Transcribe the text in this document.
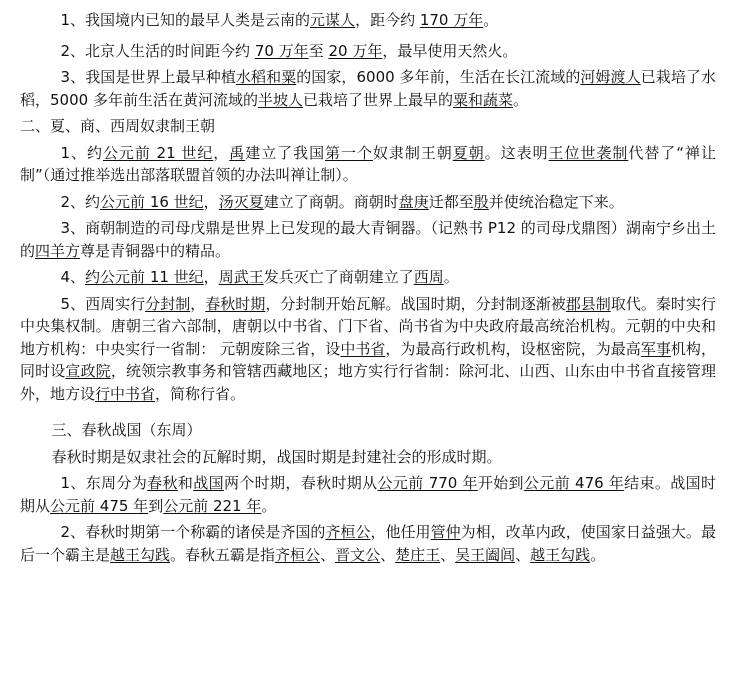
1、我国境内已知的最早人类是云南的元谋人，距今约 170 万年。

2、北京人生活的时间距今约 70 万年至 20 万年，最早使用天然火。

3、我国是世界上最早种植水稻和粟的国家，6000 多年前，生活在长江流域的河姆渡人已栽培了水稻，5000 多年前生活在黄河流域的半坡人已栽培了世界上最早的粟和蔬菜。

二、夏、商、西周奴隶制王朝

1、约公元前 21 世纪，禹建立了我国第一个奴隶制王朝夏朝。这表明王位世袭制代替了“禅让制”（通过推举选出部落联盟首领的办法叫禅让制）。

2、约公元前 16 世纪，汤灭夏建立了商朝。商朝时盘庚迁都至殷并使统治稳定下来。

3、商朝制造的司母戊鼎是世界上已发现的最大青铜器。（记熟书 P12 的司母戊鼎图）湖南宁乡出土的四羊方尊是青铜器中的精品。

4、约公元前 11 世纪，周武王发兵灭亡了商朝建立了西周。

5、西周实行分封制，春秋时期，分封制开始瓦解。战国时期，分封制逐渐被郡县制取代。秦时实行中央集权制。唐朝三省六部制，唐朝以中书省、门下省、尚书省为中央政府最高统治机构。元朝的中央和地方机构：中央实行一省制： 元朝废除三省，设中书省，为最高行政机构，设枢密院，为最高军事机构，同时设宣政院，统领宗教事务和管辖西藏地区；地方实行行省制：除河北、山西、山东由中书省直接管理外，地方设行中书省，简称行省。

三、春秋战国（东周）

春秋时期是奴隶社会的瓦解时期，战国时期是封建社会的形成时期。

1、东周分为春秋和战国两个时期，春秋时期从公元前 770 年开始到公元前 476 年结束。战国时期从公元前 475 年到公元前 221 年。

2、春秋时期第一个称霸的诸侯是齐国的齐桓公，他任用管仲为相，改革内政，使国家日益强大。最后一个霸主是越王勾践。春秋五霸是指齐桓公、晋文公、楚庄王、吴王阖闾、越王勾践。
